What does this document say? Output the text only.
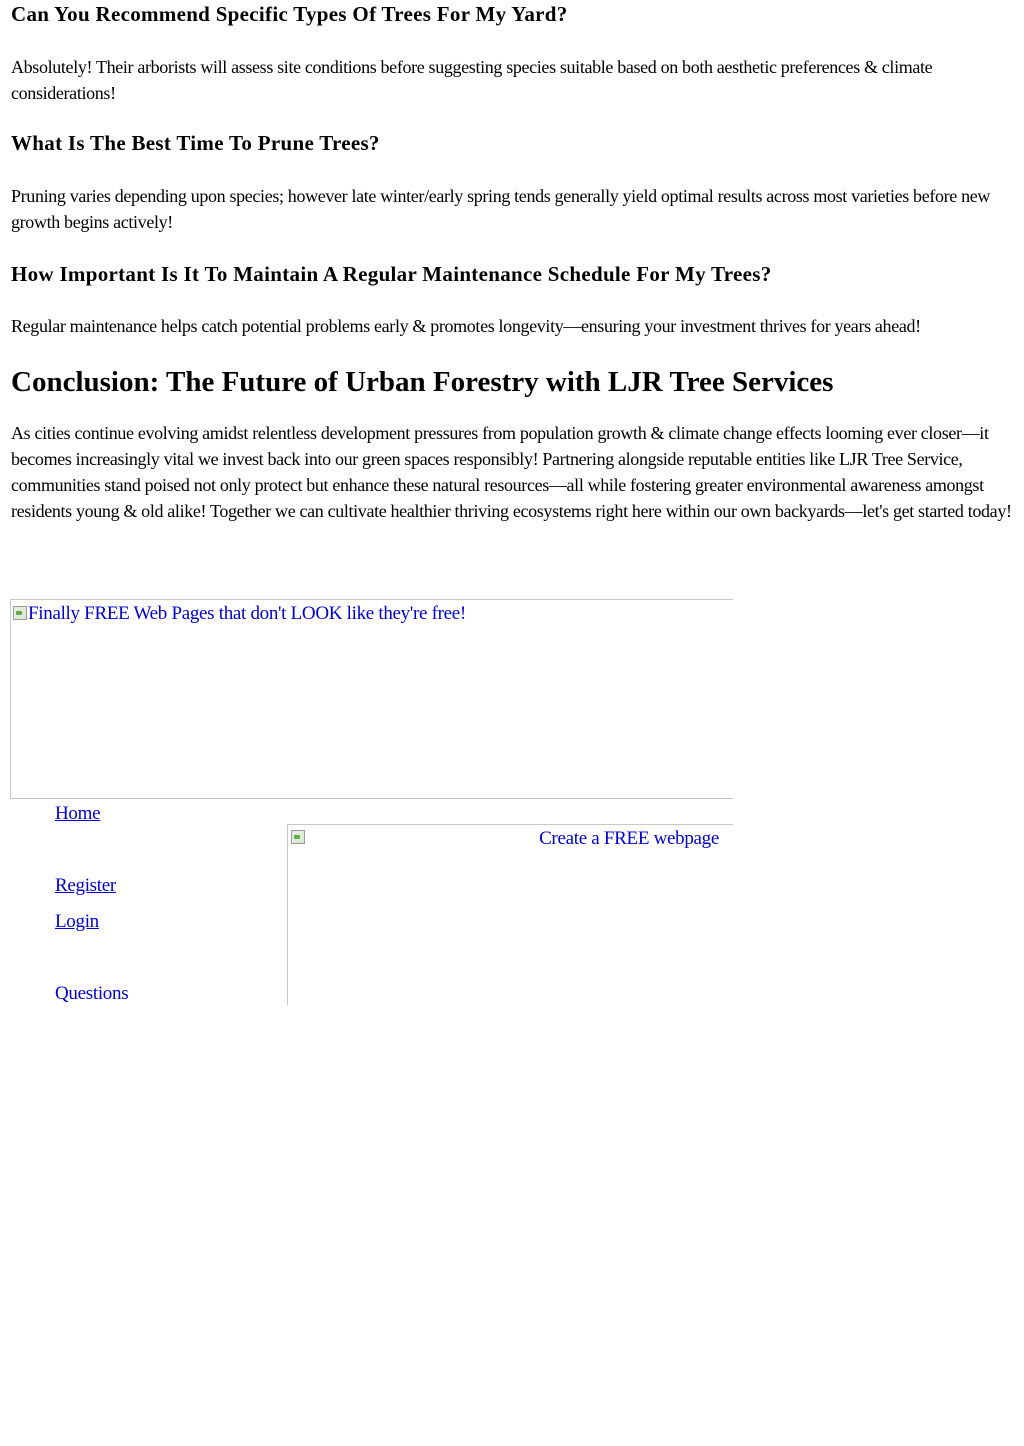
Can You Recommend Specific Types Of Trees For My Yard?

Absolutely! Their arborists will assess site conditions before suggesting species suitable based on both aesthetic preferences & climate considerations!

What Is The Best Time To Prune Trees?

Pruning varies depending upon species; however late winter/early spring tends generally yield optimal results across most varieties before new growth begins actively!

How Important Is It To Maintain A Regular Maintenance Schedule For My Trees?

Regular maintenance helps catch potential problems early & promotes longevity—ensuring your investment thrives for years ahead!

Conclusion: The Future of Urban Forestry with LJR Tree Services

As cities continue evolving amidst relentless development pressures from population growth & climate change effects looming ever closer—it becomes increasingly vital we invest back into our green spaces responsibly! Partnering alongside reputable entities like LJR Tree Service, communities stand poised not only protect but enhance these natural resources—all while fostering greater environmental awareness amongst residents young & old alike! Together we can cultivate healthier thriving ecosystems right here within our own backyards—let's get started today!

Finally FREE Web Pages that don't LOOK like they're free!
Home
Register
Login
Questions
Create a FREE webpage
